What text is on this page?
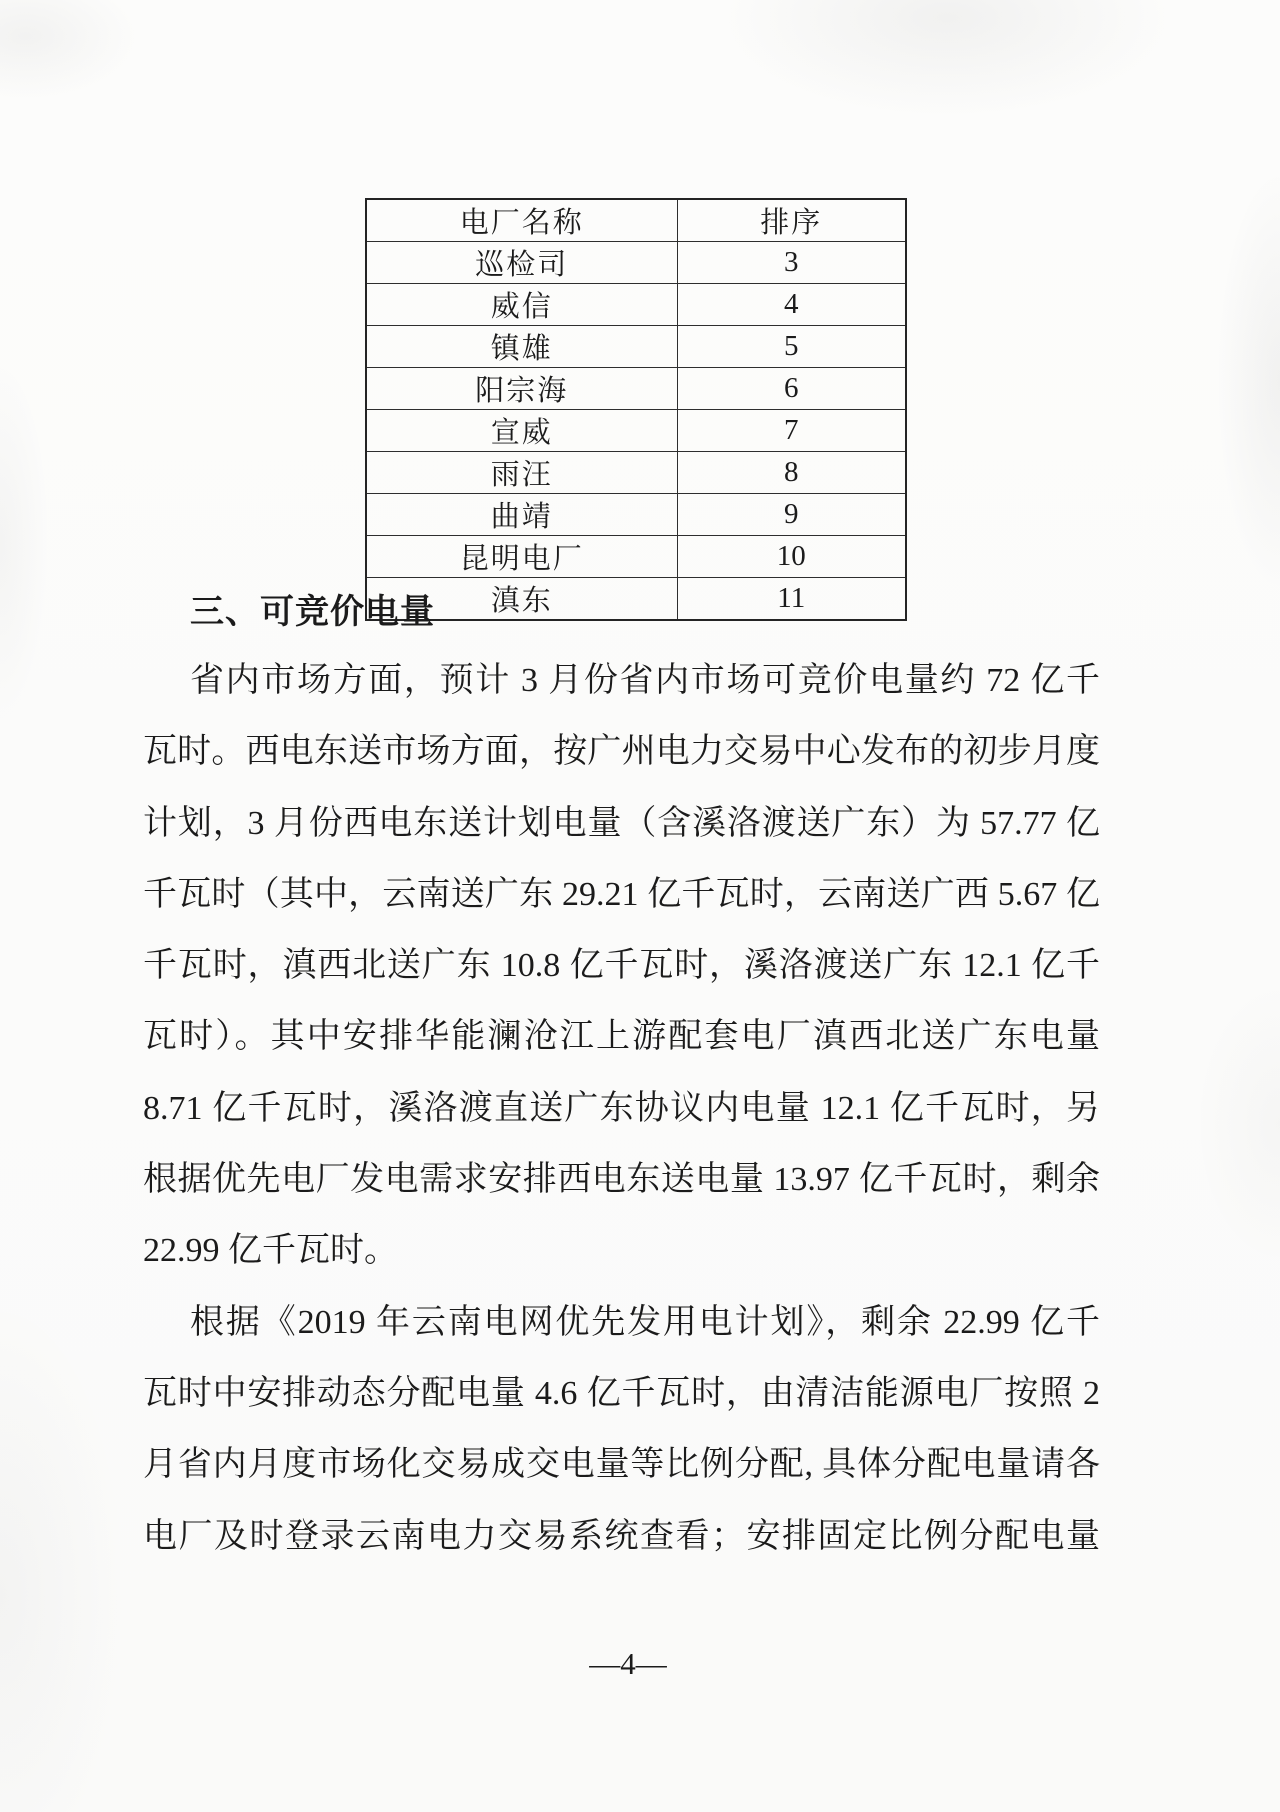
电厂名称	排序
巡检司	3
威信	4
镇雄	5
阳宗海	6
宣威	7
雨汪	8
曲靖	9
昆明电厂	10
滇东	11
三、可竞价电量
省内市场方面，预计 3 月份省内市场可竞价电量约 72 亿千
瓦时。西电东送市场方面，按广州电力交易中心发布的初步月度
计划，3 月份西电东送计划电量（含溪洛渡送广东）为 57.77 亿
千瓦时（其中，云南送广东 29.21 亿千瓦时，云南送广西 5.67 亿
千瓦时，滇西北送广东 10.8 亿千瓦时，溪洛渡送广东 12.1 亿千
瓦时）。其中安排华能澜沧江上游配套电厂滇西北送广东电量
8.71 亿千瓦时，溪洛渡直送广东协议内电量 12.1 亿千瓦时，另
根据优先电厂发电需求安排西电东送电量 13.97 亿千瓦时，剩余
22.99 亿千瓦时。
根据《2019 年云南电网优先发用电计划》，剩余 22.99 亿千
瓦时中安排动态分配电量 4.6 亿千瓦时，由清洁能源电厂按照 2
月省内月度市场化交易成交电量等比例分配, 具体分配电量请各
电厂及时登录云南电力交易系统查看；安排固定比例分配电量
—4—
